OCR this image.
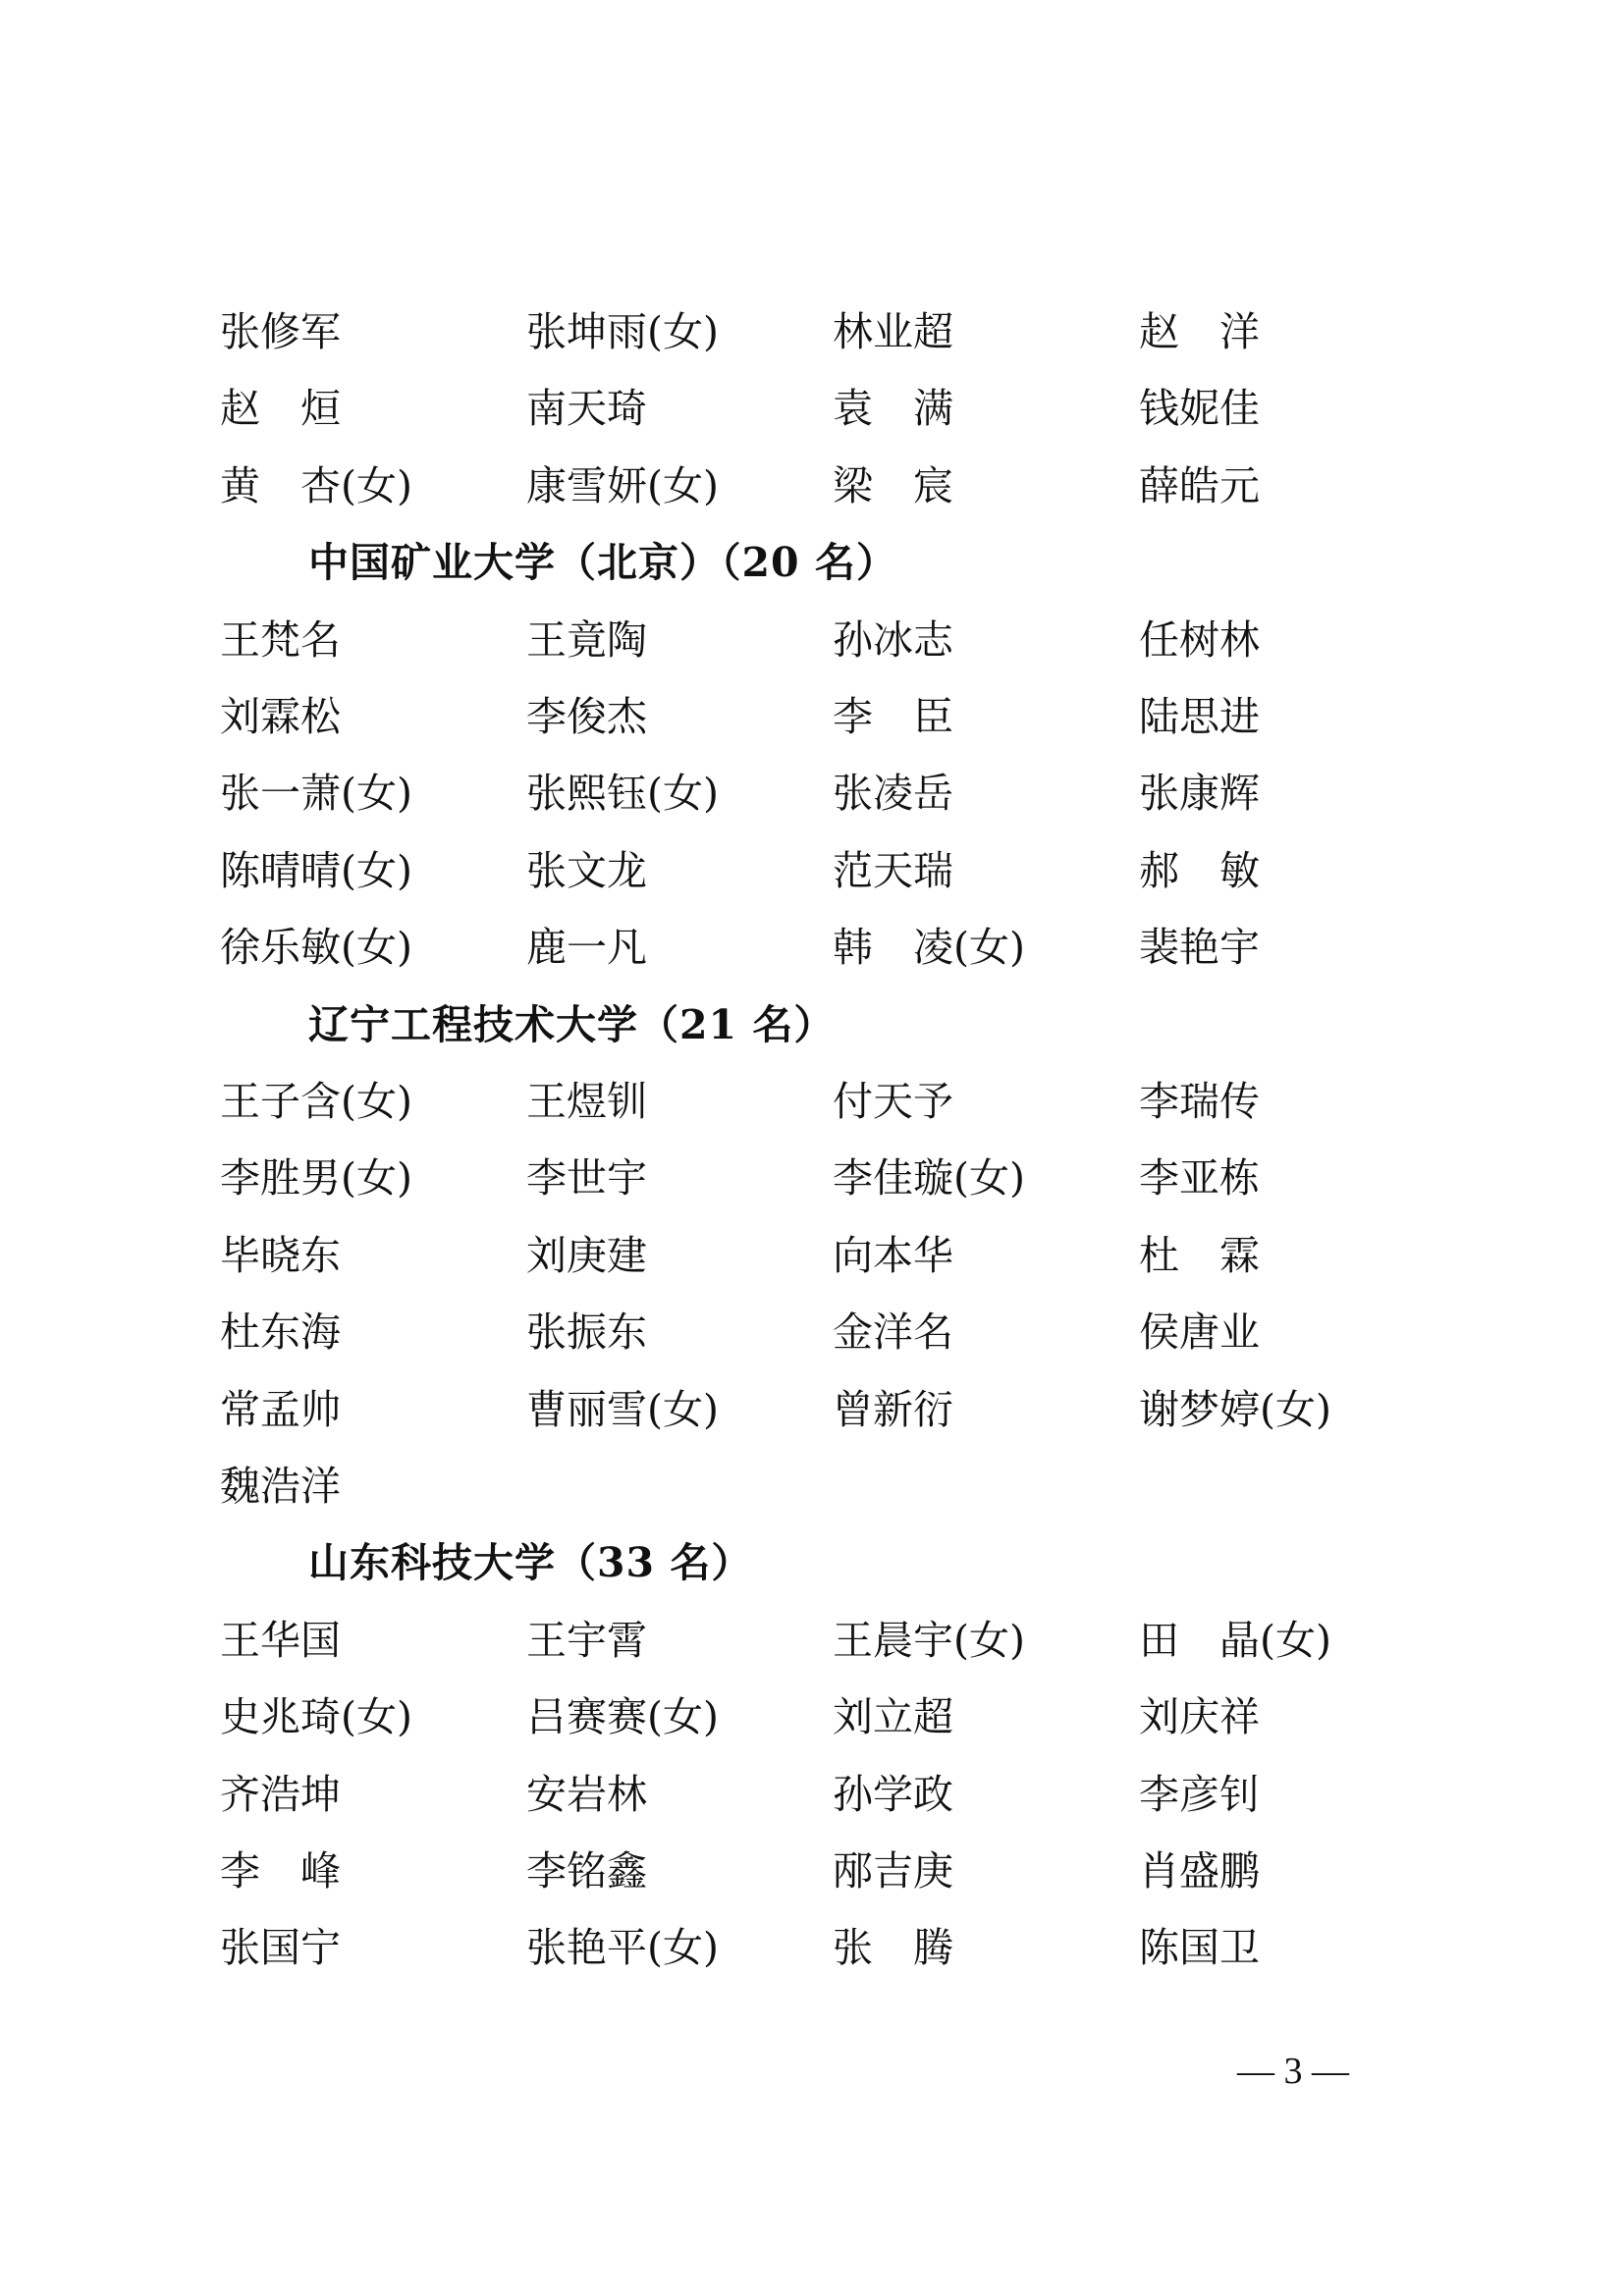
张修军	张坤雨(女)	林业超	赵　洋
赵　烜	南天琦	袁　满	钱妮佳
黄　杏(女)	康雪妍(女)	梁　宸	薛皓元
中国矿业大学（北京）（20 名）
王梵名	王竟陶	孙冰志	任树林
刘霖松	李俊杰	李　臣	陆思进
张一萧(女)	张熙钰(女)	张凌岳	张康辉
陈晴晴(女)	张文龙	范天瑞	郝　敏
徐乐敏(女)	鹿一凡	韩　凌(女)	裴艳宇
辽宁工程技术大学（21 名）
王子含(女)	王煜钏	付天予	李瑞传
李胜男(女)	李世宇	李佳璇(女)	李亚栋
毕晓东	刘庚建	向本华	杜　霖
杜东海	张振东	金洋名	侯唐业
常孟帅	曹丽雪(女)	曾新衍	谢梦婷(女)
魏浩洋
山东科技大学（33 名）
王华国	王宇霄	王晨宇(女)	田　晶(女)
史兆琦(女)	吕赛赛(女)	刘立超	刘庆祥
齐浩坤	安岩林	孙学政	李彦钊
李　峰	李铭鑫	邴吉庚	肖盛鹏
张国宁	张艳平(女)	张　腾	陈国卫
— 3 —
